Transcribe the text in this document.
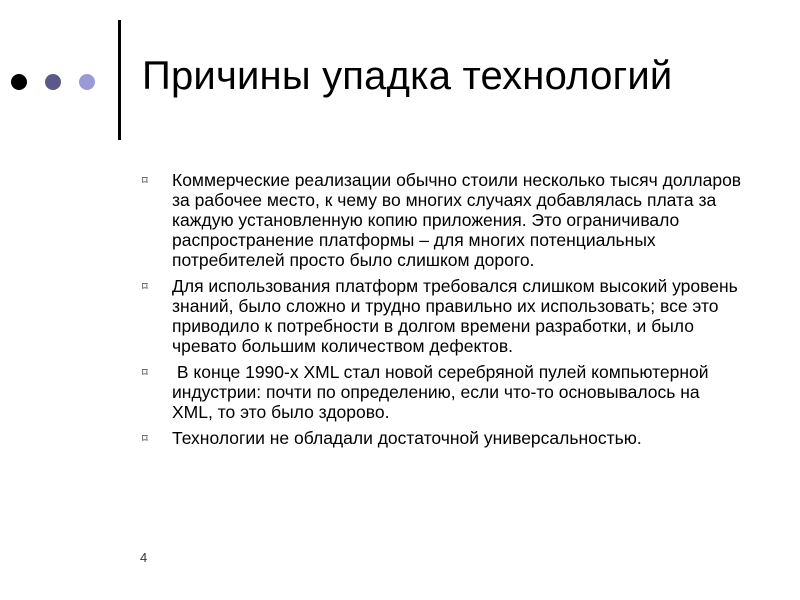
Причины упадка технологий
⌑ Коммерческие реализации обычно стоили несколько тысяч долларов за рабочее место, к чему во многих случаях добавлялась плата за каждую установленную копию приложения. Это ограничивало распространение платформы – для многих потенциальных потребителей просто было слишком дорого.
⌑ Для использования платформ требовался слишком высокий уровень знаний, было сложно и трудно правильно их использовать; все это приводило к потребности в долгом времени разработки, и было чревато большим количеством дефектов.
⌑ В конце 1990-х XML стал новой серебряной пулей компьютерной индустрии: почти по определению, если что-то основывалось на XML, то это было здорово.
⌑ Технологии не обладали достаточной универсальностью.
4
